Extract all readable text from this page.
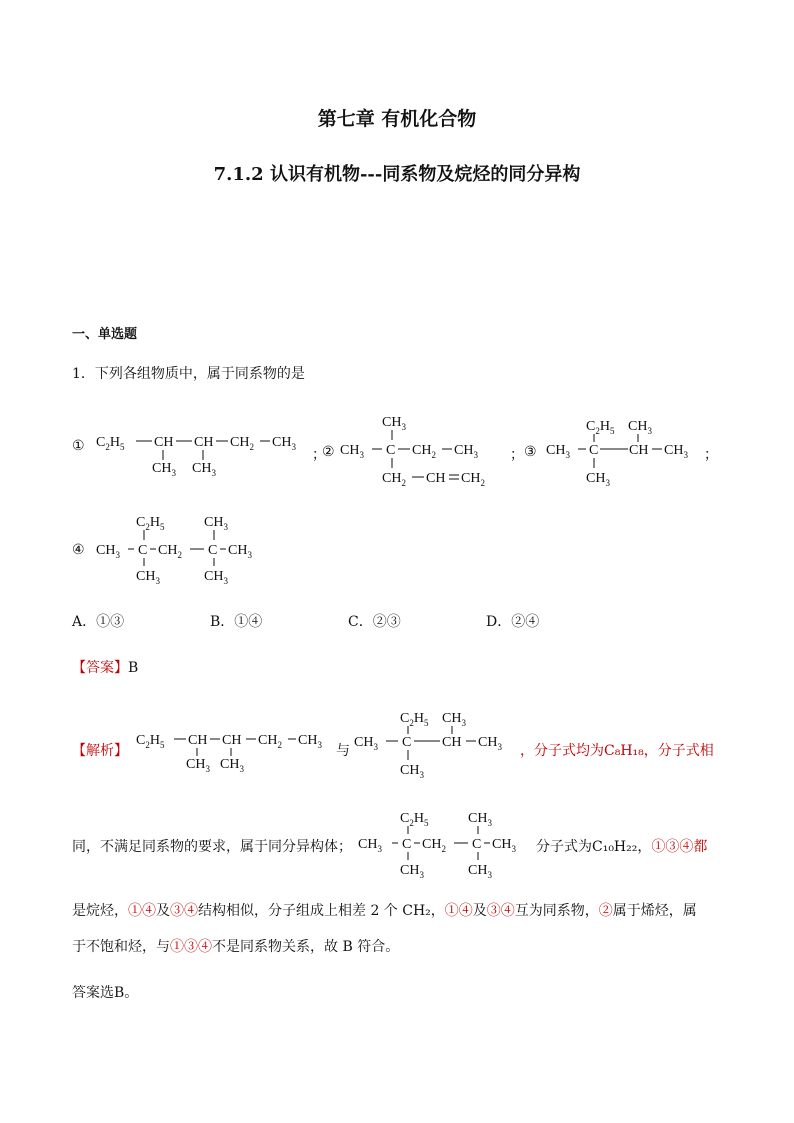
第七章 有机化合物
7.1.2 认识有机物---同系物及烷烃的同分异构
一、单选题
1．下列各组物质中，属于同系物的是
① $C_2H_5$ CH CH $CH_2$ $CH_3$
$CH_3$ $CH_3$
；
②
$CH_3$
$CH_3$ C $CH_2$ $CH_3$
$CH_2$ CH $CH_2$
； ③
$C_2H_5$ $CH_3$
$CH_3$ C CH $CH_3$
$CH_3$
；
④
$C_2H_5$	$CH_3$
$CH_3$ C $CH_2$ C $CH_3$
$CH_3$	$CH_3$
A．①③	B．①④	C．②③	D．②④
【答案】B
【解析】
$C_2H_5$ CH CH $CH_2$ $CH_3$
$CH_3$ $CH_3$
与
$C_2H_5$ $CH_3$
$CH_3$ C CH $CH_3$
$CH_3$
，分子式均为C₈H₁₈，分子式相
同，不满足同系物的要求，属于同分异构体；
$C_2H_5$	$CH_3$
$CH_3$ C $CH_2$ C $CH_3$
$CH_3$	$CH_3$
分子式为C₁₀H₂₂，①③④都
是烷烃，①④及③④结构相似，分子组成上相差 2 个 CH₂，①④及③④互为同系物，②属于烯烃，属
于不饱和烃，与①③④不是同系物关系，故 B 符合。
答案选B。
